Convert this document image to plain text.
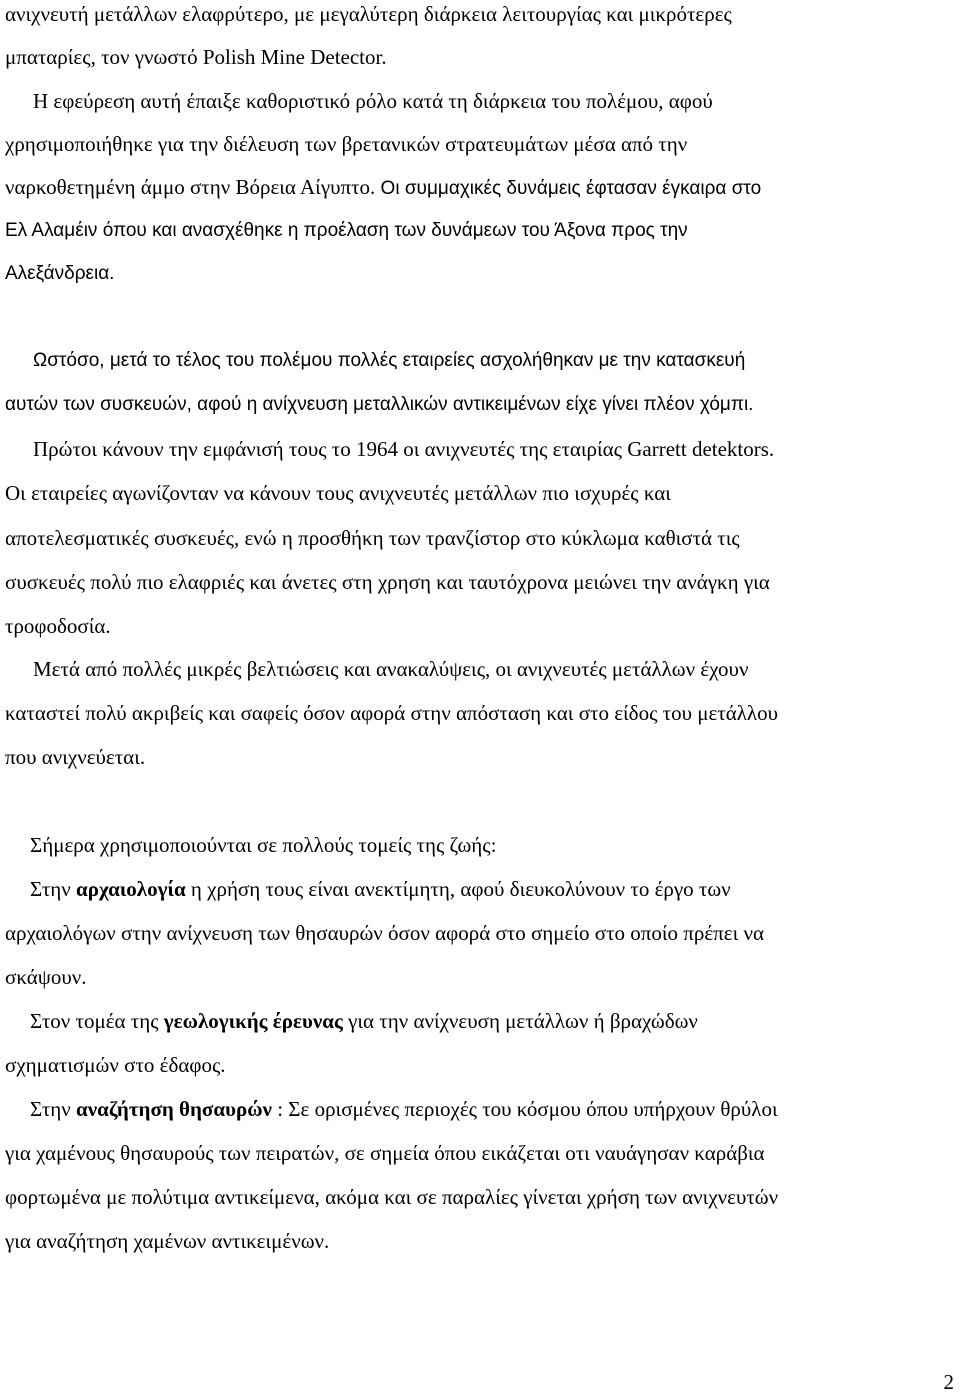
ανιχνευτή μετάλλων ελαφρύτερο, με μεγαλύτερη διάρκεια λειτουργίας και μικρότερες
μπαταρίες, τον γνωστό Polish Mine Detector.
Η εφεύρεση αυτή έπαιξε καθοριστικό ρόλο κατά τη διάρκεια του πολέμου, αφού
χρησιμοποιήθηκε για την διέλευση των βρετανικών στρατευμάτων μέσα από την
ναρκοθετημένη άμμο στην Βόρεια Αίγυπτο. Οι συμμαχικές δυνάμεις έφτασαν έγκαιρα στο
Ελ Αλαμέιν όπου και ανασχέθηκε η προέλαση των δυνάμεων του Άξονα προς την
Αλεξάνδρεια.
Ωστόσο, μετά το τέλος του πολέμου πολλές εταιρείες ασχολήθηκαν με την κατασκευή
αυτών των συσκευών, αφού η ανίχνευση μεταλλικών αντικειμένων είχε γίνει πλέον χόμπι.
Πρώτοι κάνουν την εμφάνισή τους το 1964 οι ανιχνευτές της εταιρίας Garrett detektors.
Οι εταιρείες αγωνίζονταν να κάνουν τους ανιχνευτές μετάλλων πιο ισχυρές και
αποτελεσματικές συσκευές, ενώ η προσθήκη των τρανζίστορ στο κύκλωμα καθιστά τις
συσκευές πολύ πιο ελαφριές και άνετες στη χρηση και ταυτόχρονα μειώνει την ανάγκη για
τροφοδοσία.
Μετά από πολλές μικρές βελτιώσεις και ανακαλύψεις, οι ανιχνευτές μετάλλων έχουν
καταστεί πολύ ακριβείς και σαφείς όσον αφορά στην απόσταση και στο είδος του μετάλλου
που ανιχνεύεται.
Σήμερα χρησιμοποιούνται σε πολλούς τομείς της ζωής:
Στην αρχαιολογία η χρήση τους είναι ανεκτίμητη, αφού διευκολύνουν το έργο των
αρχαιολόγων στην ανίχνευση των θησαυρών όσον αφορά στο σημείο στο οποίο πρέπει να
σκάψουν.
Στον τομέα της γεωλογικής έρευνας για την ανίχνευση μετάλλων ή βραχώδων
σχηματισμών στο έδαφος.
Στην αναζήτηση θησαυρών : Σε ορισμένες περιοχές του κόσμου όπου υπήρχουν θρύλοι
για χαμένους θησαυρούς των πειρατών, σε σημεία όπου εικάζεται οτι ναυάγησαν καράβια
φορτωμένα με πολύτιμα αντικείμενα, ακόμα και σε παραλίες γίνεται χρήση των ανιχνευτών
για αναζήτηση χαμένων αντικειμένων.
2
